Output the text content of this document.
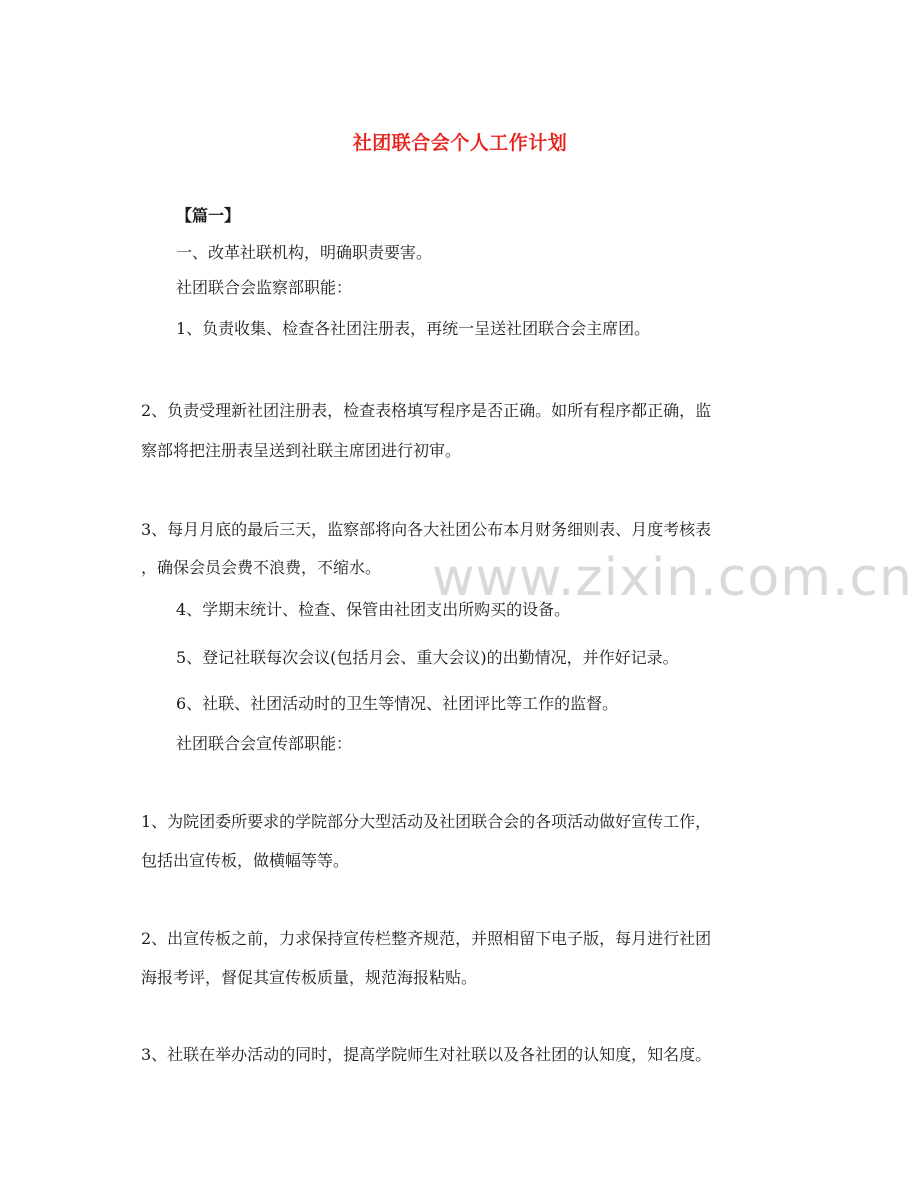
社团联合会个人工作计划
【篇一】
一、改革社联机构，明确职责要害。
社团联合会监察部职能：
1、负责收集、检查各社团注册表，再统一呈送社团联合会主席团。
2、负责受理新社团注册表，检查表格填写程序是否正确。如所有程序都正确，监
察部将把注册表呈送到社联主席团进行初审。
3、每月月底的最后三天，监察部将向各大社团公布本月财务细则表、月度考核表
，确保会员会费不浪费，不缩水。
4、学期末统计、检查、保管由社团支出所购买的设备。
5、登记社联每次会议(包括月会、重大会议)的出勤情况，并作好记录。
6、社联、社团活动时的卫生等情况、社团评比等工作的监督。
社团联合会宣传部职能：
1、为院团委所要求的学院部分大型活动及社团联合会的各项活动做好宣传工作，
包括出宣传板，做横幅等等。
2、出宣传板之前，力求保持宣传栏整齐规范，并照相留下电子版，每月进行社团
海报考评，督促其宣传板质量，规范海报粘贴。
3、社联在举办活动的同时，提高学院师生对社联以及各社团的认知度，知名度。
www.zixin.com.cn
